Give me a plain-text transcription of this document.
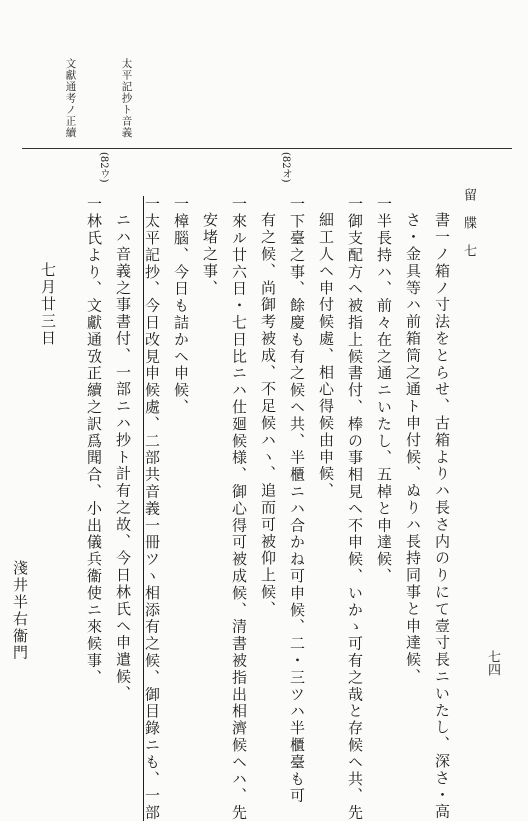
太平記抄ト音義
文獻通考ノ正續
(82ウ)	(82オ)
留　牒　七
七四
書一ノ箱ノ寸法をとらせ、古箱よりハ長さ内のりにて壹寸長ニいたし、深さ・高
さ・金具等ハ前箱筒之通ト申付候、ぬりハ長持同事と申達候、
一半長持ハ、前々在之通ニいたし、五棹と申達候、
一御支配方ヘ被指上候書付、棒の事相見ヘ不申候、いかゝ可有之哉と存候ヘ共、先
細工人ヘ申付候處、相心得候由申候、
一下臺之事、餘慶も有之候ヘ共、半櫃ニハ合かね可申候、二・三ツハ半櫃臺も可
有之候、尚御考被成、不足候ハヽ、追而可被仰上候、
一來ル廿六日・七日比ニハ仕廻候様、御心得可被成候、清書被指出相濟候ヘハ、先
安堵之事、
一樟腦、今日も詰かヘ申候、
一太平記抄、今日改見申候處、二部共音義一冊ツヽ相添有之候、御目錄ニも、一部
ニハ音義之事書付、一部ニハ抄ト計有之故、今日林氏ヘ申遣候、
一林氏より、文獻通攷正續之訳爲聞合、小出儀兵衞使ニ來候事、
七月廿三日
淺井半右衞門
